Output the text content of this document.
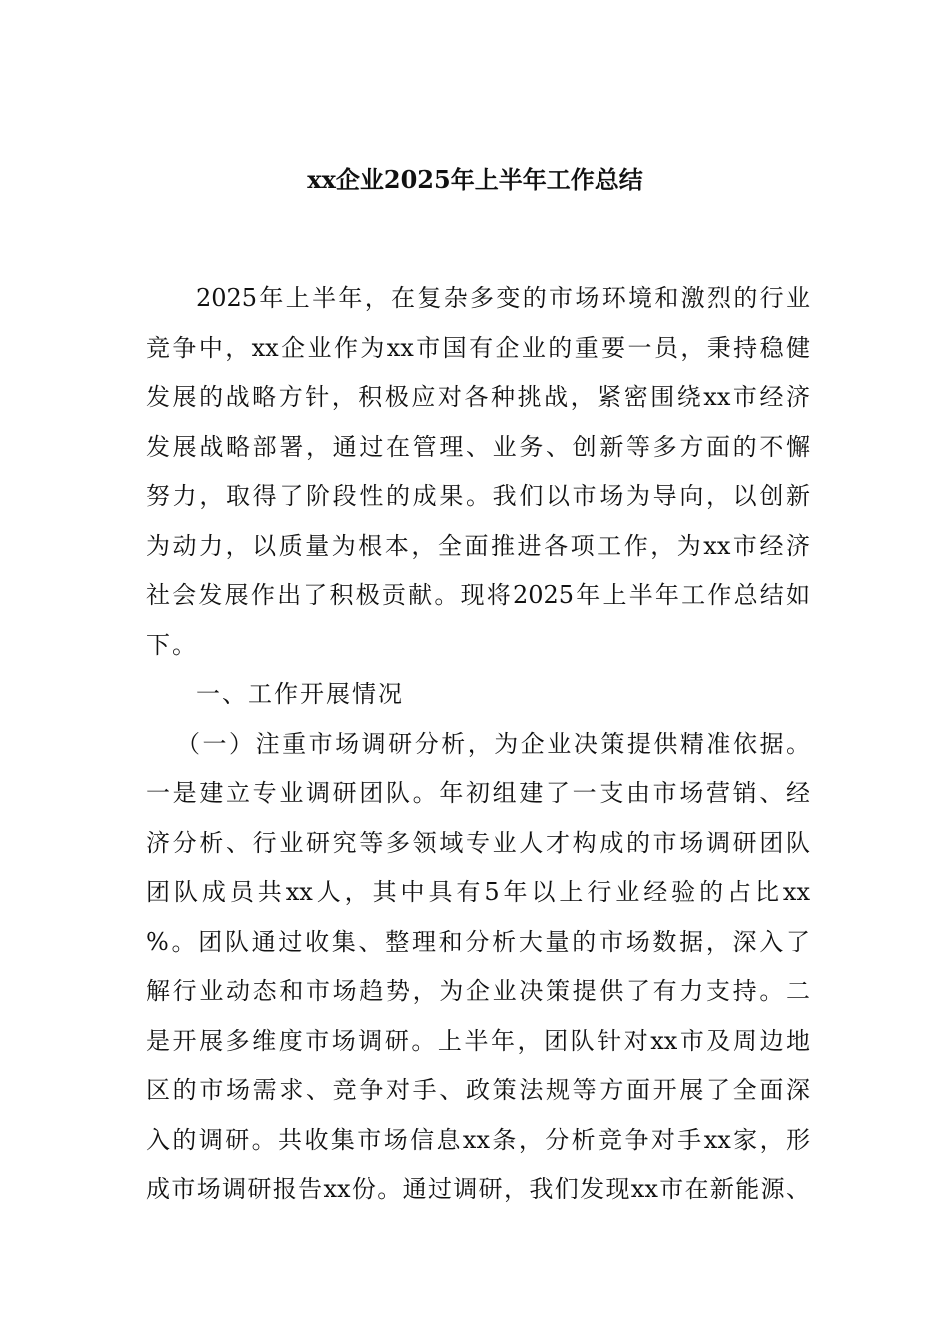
xx企业2025年上半年工作总结
2025年上半年，在复杂多变的市场环境和激烈的行业
竞争中，xx企业作为xx市国有企业的重要一员，秉持稳健
发展的战略方针，积极应对各种挑战，紧密围绕xx市经济
发展战略部署，通过在管理、业务、创新等多方面的不懈
努力，取得了阶段性的成果。我们以市场为导向，以创新
为动力，以质量为根本，全面推进各项工作，为xx市经济
社会发展作出了积极贡献。现将2025年上半年工作总结如
下。
一、工作开展情况
（一）注重市场调研分析，为企业决策提供精准依据。
一是建立专业调研团队。年初组建了一支由市场营销、经
济分析、行业研究等多领域专业人才构成的市场调研团队
团队成员共xx人，其中具有5年以上行业经验的占比xx
%。团队通过收集、整理和分析大量的市场数据，深入了
解行业动态和市场趋势，为企业决策提供了有力支持。二
是开展多维度市场调研。上半年，团队针对xx市及周边地
区的市场需求、竞争对手、政策法规等方面开展了全面深
入的调研。共收集市场信息xx条，分析竞争对手xx家，形
成市场调研报告xx份。通过调研，我们发现xx市在新能源、
